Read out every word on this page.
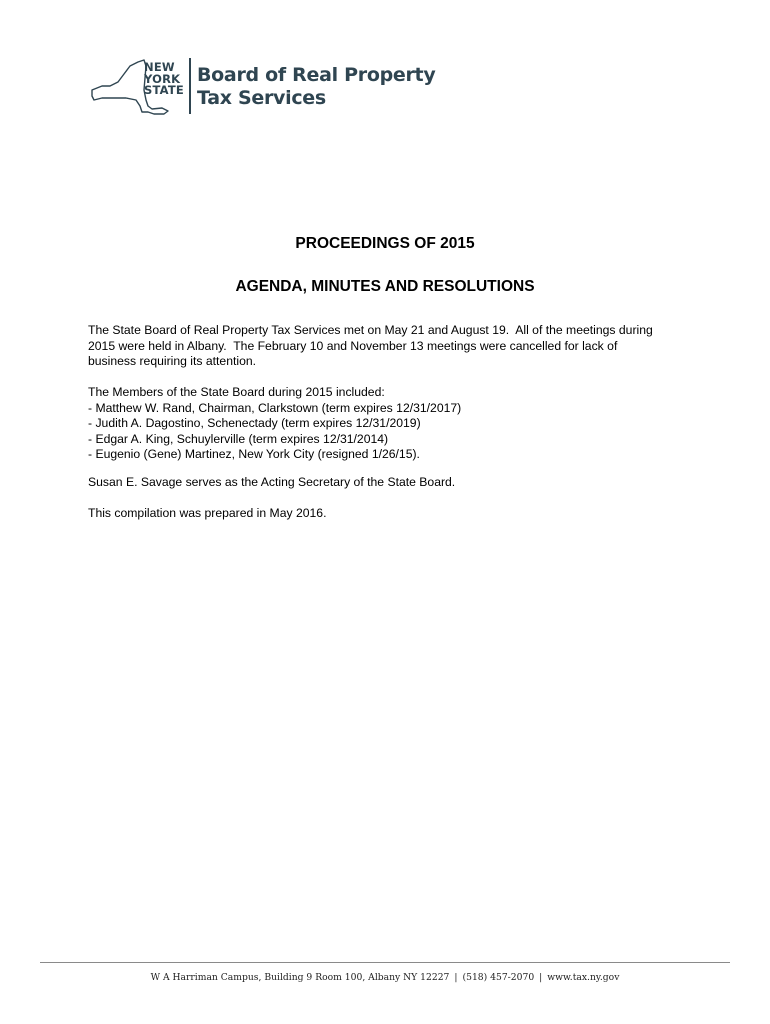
NEW
YORK
STATE
Board of Real Property
Tax Services
PROCEEDINGS OF 2015
AGENDA, MINUTES AND RESOLUTIONS
The State Board of Real Property Tax Services met on May 21 and August 19.  All of the meetings during
2015 were held in Albany.  The February 10 and November 13 meetings were cancelled for lack of
business requiring its attention.
The Members of the State Board during 2015 included:
- Matthew W. Rand, Chairman, Clarkstown (term expires 12/31/2017)
- Judith A. Dagostino, Schenectady (term expires 12/31/2019)
- Edgar A. King, Schuylerville (term expires 12/31/2014)
- Eugenio (Gene) Martinez, New York City (resigned 1/26/15).
Susan E. Savage serves as the Acting Secretary of the State Board.
This compilation was prepared in May 2016.
W A Harriman Campus, Building 9 Room 100, Albany NY 12227 | (518) 457-2070 | www.tax.ny.gov
